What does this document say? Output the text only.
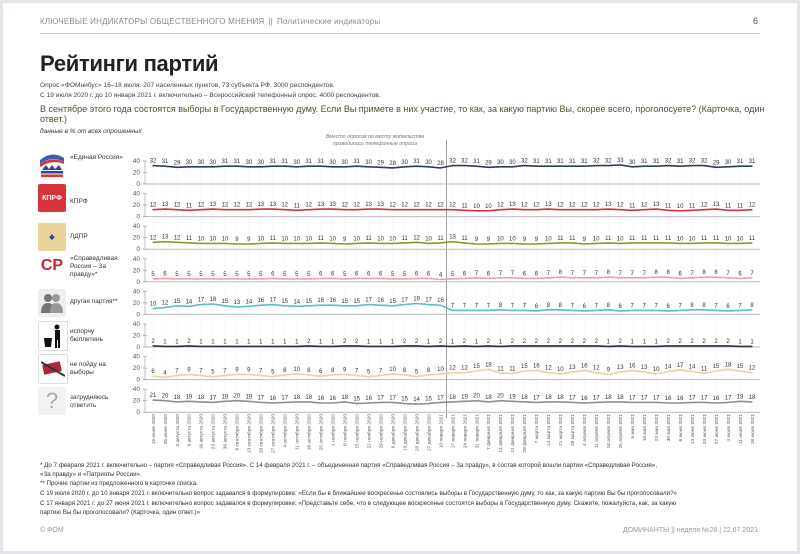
КЛЮЧЕВЫЕ ИНДИКАТОРЫ ОБЩЕСТВЕННОГО МНЕНИЯ || Политические индикаторы	6
Рейтинги партий
Опрос «ФОМнибус» 16–18 июля. 207 населенных пунктов, 73 субъекта РФ. 3000 респондентов.
С 19 июля 2020 г. до 10 января 2021 г. включительно – Всероссийский телефонный опрос. 4000 респондентов.
В сентябре этого года состоятся выборы в Государственную думу. Если Вы примете в них участие, то как, за какую партию Вы, скорее всего, проголосуете? (Карточка, один ответ.)
данные в % от всех опрошенных
Вместо опросов по месту жительства проводились телефонные опросы
«Единая Россия»
КПРФ КПРФ
◆	ЛДПР
СР «Справедливая Россия – За правду»*
другая партия**
испорчу бюллетень
не пойду на выборы
? затрудняюсь ответить
40
20
0
32 31 29 30 30 30 31 31 30 30 31 31 30 31 31 30 30 31 30 29 28 30 31 30 28 32 32 31 29 30 30 32 31 31 31 31 31 32 32 33 30 31 31 32 31 32 32 29 30 31 31
40
20
0
12 13 12 11 12 13 12 12 12 13 13 12 11 12 13 13 12 12 13 13 12 12 12 12 12 12 11 10 10 12 13 12 12 13 12 12 12 12 13 12 11 12 13 11 10 11 12 13 11 11 12
40
20
0
12 13 12 11 10 10 10 9 9 10 11 10 10 10 11 10 9 10 11 10 10 11 12 10 11 13 11 9 9 10 10 9 9 10 11 11 9 10 11 10 11 11 11 11 10 10 11 11 10 10 11
40
20
0
5 6 5 5 5 5 5 5 5 5 6 5 5 5 6 6 5 6 6 6 5 5 6 6 4 5 6 7 6 7 7 6 6 7 8 7 7 7 8 7 7 7 8 8 6 7 8 8 7 6 7
40
20
0
10 12 15 14 17 18 15 13 14 16 17 15 14 15 16 16 15 15 17 16 15 17 19 17 16
7 7 7 7 8 7 7 6 8 8 7 6 7 8 6 7 7 7 6 7 8 8 7 6 7 8
40
20
0
2 1 1 2 1 1 1 1 1 1 1 1 1 2 1 1 2 2 1 1 1 2 2 1 2 1 2 1 2 1 2 2 2 2 2 2 2 2 1 2 1 1 1 2 2 2 2 2 2 1 1
40
20
0
6 4 7 9 7 5 7 9 9 7 5 8 10 8 6 8 9 7 5 7 10 8 5 8 10 12 12 15 18
11 11 15 16 12 10 13 16 12 9 13 16 13 10 14 17 14 11 15 18 15 12
40
20
0
21 20 18 19 18 17 19 20 19 17 16 17 18 18 16 16 18 15 16 17 17 15 14 15 17 18 19 20 18 20 19 18 17 18 18 17 16 17 18 18 17 17 17 16 16 17 17 16 17 19 18
19 июля 2020 26 июля 2020 2 августа 2020 9 августа 2020 16 августа 2020 23 августа 2020 30 августа 2020 6 сентября 2020 13 сентября 2020 20 сентября 2020 27 сентября 2020 4 октября 2020 11 октября 2020 18 октября 2020 25 октября 2020 1 ноября 2020 8 ноября 2020 15 ноября 2020 22 ноября 2020 29 ноября 2020 6 декабря 2020 13 декабря 2020 20 декабря 2020 27 декабря 2020 10 января 2021 17 января 2021 24 января 2021 31 января 2021 7 февраля 2021 14 февраля 2021 21 февраля 2021 28 февраля 2021 7 марта 2021 14 марта 2021 21 марта 2021 28 марта 2021 4 апреля 2021 11 апреля 2021 18 апреля 2021 25 апреля 2021 9 мая 2021 16 мая 2021 23 мая 2021 30 мая 2021 6 июня 2021 13 июня 2021 20 июня 2021 27 июня 2021 4 июля 2021 11 июля 2021 18 июля 2021
* До 7 февраля 2021 г. включительно – партия «Справедливая Россия». С 14 февраля 2021 г. – объединенная партия «Справедливая Россия – За правду», в состав которой вошли партии «Справедливая Россия»,
«За правду» и «Патриоты России».
** Прочие партии из предложенного в карточке списка.
С 19 июля 2020 г. до 10 января 2021 г. включительно вопрос задавался в формулировке: «Если бы в ближайшее воскресенье состоялись выборы в Государственную думу, то как, за какую партию Вы бы проголосовали?»
С 17 января 2021 г. до 27 июня 2021 г. включительно вопрос задавался в формулировке: «Представьте себе, что в следующее воскресенье состоятся выборы в Государственную думу. Скажите, пожалуйста, как, за какую
партию Вы бы проголосовали? (Карточка, один ответ.)»
© ФОМ	ДОМИНАНТЫ || неделя №28 | 22.07.2021
